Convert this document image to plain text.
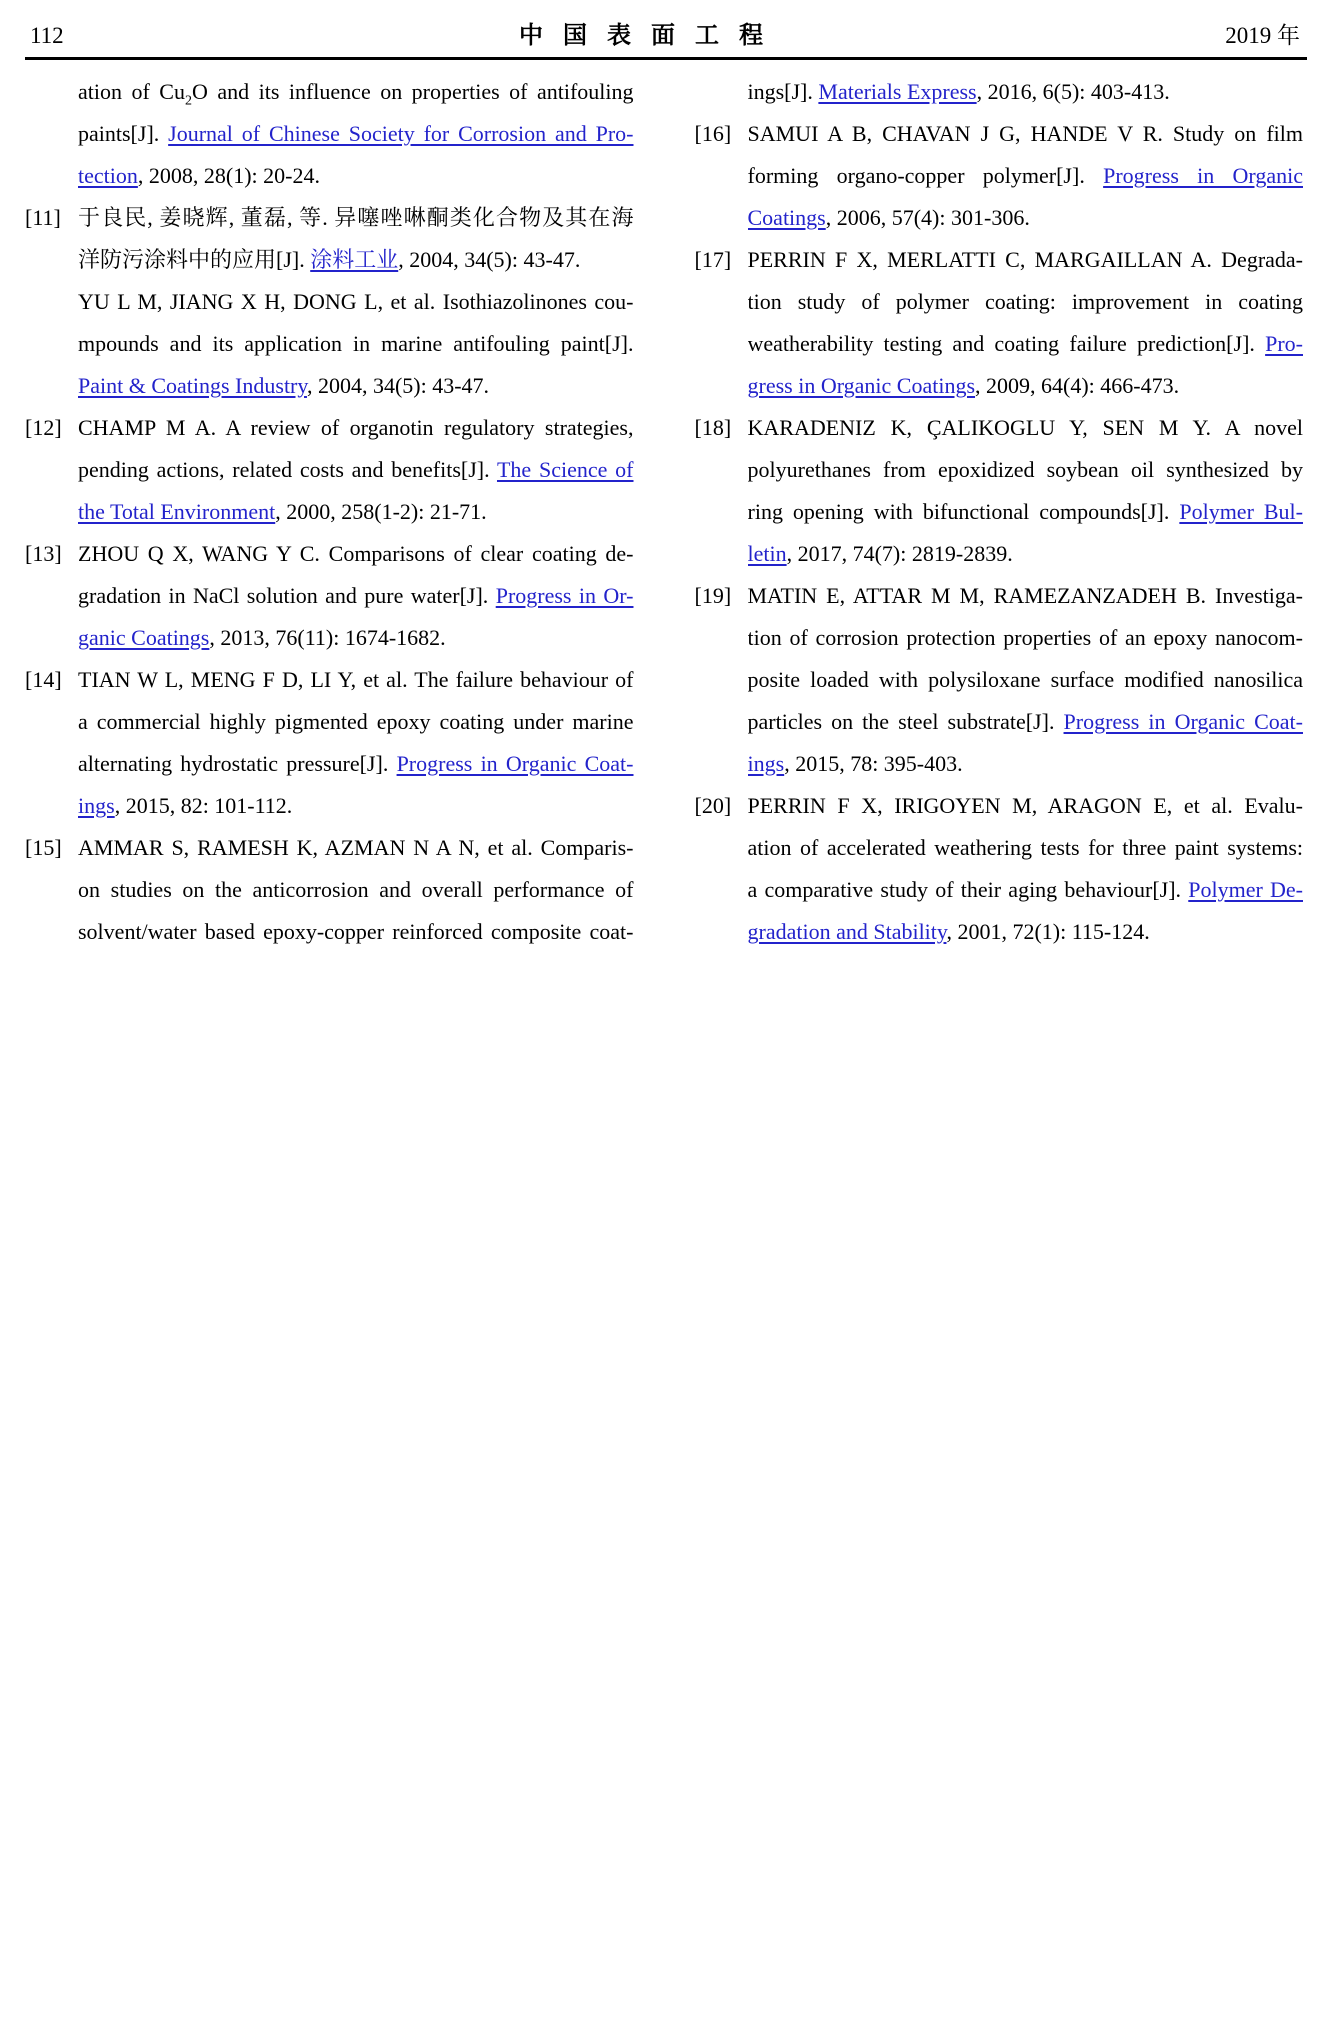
112	中 国 表 面 工 程	2019 年
ation of $Cu_2O$ and its influence on properties of antifouling
paints[J]. Journal of Chinese Society for Corrosion and Pro-
tection, 2008, 28(1): 20-24.
[11] 于良民, 姜晓辉, 董磊, 等. 异噻唑啉酮类化合物及其在海
洋防污涂料中的应用[J]. 涂料工业, 2004, 34(5): 43-47.
YU L M, JIANG X H, DONG L, et al. Isothiazolinones cou-
mpounds and its application in marine antifouling paint[J].
Paint & Coatings Industry, 2004, 34(5): 43-47.
[12] CHAMP M A. A review of organotin regulatory strategies,
pending actions, related costs and benefits[J]. The Science of
the Total Environment, 2000, 258(1-2): 21-71.
[13] ZHOU Q X, WANG Y C. Comparisons of clear coating de-
gradation in NaCl solution and pure water[J]. Progress in Or-
ganic Coatings, 2013, 76(11): 1674-1682.
[14] TIAN W L, MENG F D, LI Y, et al. The failure behaviour of
a commercial highly pigmented epoxy coating under marine
alternating hydrostatic pressure[J]. Progress in Organic Coat-
ings, 2015, 82: 101-112.
[15] AMMAR S, RAMESH K, AZMAN N A N, et al. Comparis-
on studies on the anticorrosion and overall performance of
solvent/water based epoxy-copper reinforced composite coat-
ings[J]. Materials Express, 2016, 6(5): 403-413.
[16] SAMUI A B, CHAVAN J G, HANDE V R. Study on film
forming organo-copper polymer[J]. Progress in Organic
Coatings, 2006, 57(4): 301-306.
[17] PERRIN F X, MERLATTI C, MARGAILLAN A. Degrada-
tion study of polymer coating: improvement in coating
weatherability testing and coating failure prediction[J]. Pro-
gress in Organic Coatings, 2009, 64(4): 466-473.
[18] KARADENIZ K, ÇALIKOGLU Y, SEN M Y. A novel
polyurethanes from epoxidized soybean oil synthesized by
ring opening with bifunctional compounds[J]. Polymer Bul-
letin, 2017, 74(7): 2819-2839.
[19] MATIN E, ATTAR M M, RAMEZANZADEH B. Investiga-
tion of corrosion protection properties of an epoxy nanocom-
posite loaded with polysiloxane surface modified nanosilica
particles on the steel substrate[J]. Progress in Organic Coat-
ings, 2015, 78: 395-403.
[20] PERRIN F X, IRIGOYEN M, ARAGON E, et al. Evalu-
ation of accelerated weathering tests for three paint systems:
a comparative study of their aging behaviour[J]. Polymer De-
gradation and Stability, 2001, 72(1): 115-124.
